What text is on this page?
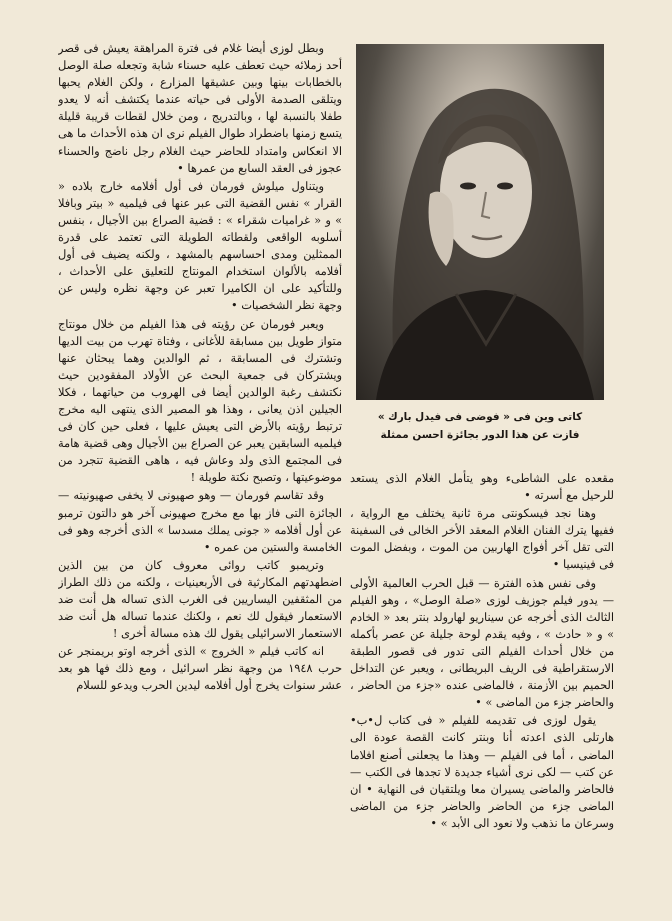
وبطل لوزى أيضا غلام فى فترة المراهقة يعيش فى قصر أحد زملائه حيث تعطف عليه حسناء شابة وتجعله صلة الوصل بالخطابات بينها وبين عشيقها المزارع ، ولكن الغلام يحبها ويتلقى الصدمة الأولى فى حياته عندما يكتشف أنه لا يعدو طفلا بالنسبة لها ، وبالتدريج ، ومن خلال لقطات قريبة قليلة يتسع زمنها باضطراد طوال الفيلم نرى ان هذه الأحداث ما هى الا انعكاس وامتداد للحاضر حيث الغلام رجل ناضج والحسناء عجوز فى العقد السابع من عمرها •

ويتناول ميلوش فورمان فى أول أفلامه خارج بلاده « القرار » نفس القضية التى عبر عنها فى فيلميه « بيتر وبافلا » و « غراميات شقراء » : قضية الصراع بين الأجيال ، بنفس أسلوبه الواقعى ولقطاته الطويلة التى تعتمد على قدرة الممثلين ومدى احساسهم بالمشهد ، ولكنه يضيف فى أول أفلامه بالألوان استخدام المونتاج للتعليق على الأحداث ، وللتأكيد على ان الكاميرا تعبر عن وجهة نظره وليس عن وجهة نظر الشخصيات •

ويعبر فورمان عن رؤيته فى هذا الفيلم من خلال مونتاج متواز طويل بين مسابقة للأغانى ، وفتاة تهرب من بيت الديها وتشترك فى المسابقة ، ثم الوالدين وهما يبحثان عنها ويشتركان فى جمعية البحث عن الأولاد المفقودين حيث نكتشف رغبة الوالدين أيضا فى الهروب من حياتهما ، فكلا الجيلين اذن يعانى ، وهذا هو المصير الذى ينتهى اليه مخرج ترتبط رؤيته بالأرض التى يعيش عليها ، فعلى حين كان فى فيلميه السابقين يعبر عن الصراع بين الأجيال وهى قضية هامة فى المجتمع الذى ولد وعاش فيه ، هاهى القضية تتجرد من موضوعيتها ، وتصبح نكتة طويلة !

وقد تقاسم فورمان — وهو صهيونى لا يخفى صهيونيته — الجائزة التى فاز بها مع مخرج صهيونى آخر هو دالتون ترمبو عن أول أفلامه « جونى يملك مسدسا » الذى أخرجه وهو فى الخامسة والستين من عمره •

وتريمبو كاتب روائى معروف كان من بين الذين اضطهدتهم المكارثية فى الأربعينيات ، ولكنه من ذلك الطراز من المثقفين اليساريين فى الغرب الذى تساله هل أنت ضد الاستعمار فيقول لك نعم ، ولكنك عندما تساله هل أنت ضد الاستعمار الاسرائيلى يقول لك هذه مسالة أخرى !

انه كاتب فيلم « الخروج » الذى أخرجه اوتو بريمنجر عن حرب ١٩٤٨ من وجهة نظر اسرائيل ، ومع ذلك فها هو بعد عشر سنوات يخرج أول أفلامه ليدين الحرب ويدعو للسلام

كاتى وين فى « فوضى فى فيدل بارك »
فازت عن هذا الدور بجائزة احسن ممثلة

مقعده على الشاطىء وهو يتأمل الغلام الذى يستعد للرحيل مع أسرته •

وهنا نجد فيسكونتى مرة ثانية يختلف مع الرواية ، ففيها يترك الفنان الغلام المعقد الأخر الخالى فى السفينة التى تقل آخر أفواج الهاربين من الموت ، وبفضل الموت فى فينيسيا •

وفى نفس هذه الفترة — قبل الحرب العالمية الأولى — يدور فيلم جوزيف لوزى «صلة الوصل» ، وهو الفيلم الثالث الذى أخرجه عن سيناريو لهارولد بنتر بعد « الخادم » و « حادث » ، وفيه يقدم لوحة جليلة عن عصر بأكمله من خلال أحداث الفيلم التى تدور فى قصور الطبقة الارستقراطية فى الريف البريطانى ، ويعبر عن التداخل الحميم بين الأزمنة ، فالماضى عنده «جزء من الحاضر ، والحاضر جزء من الماضى » •

يقول لوزى فى تقديمه للفيلم « فى كتاب ل•ب• هارتلى الذى اعدته أنا وبنتر كانت القصة عودة الى الماضى ، أما فى الفيلم — وهذا ما يجعلنى أصنع افلاما عن كتب — لكى نرى أشياء جديدة لا تجدها فى الكتب — فالحاضر والماضى يسيران معا ويلتقيان فى النهاية • ان الماضى جزء من الحاضر والحاضر جزء من الماضى وسرعان ما نذهب ولا نعود الى الأبد » •
